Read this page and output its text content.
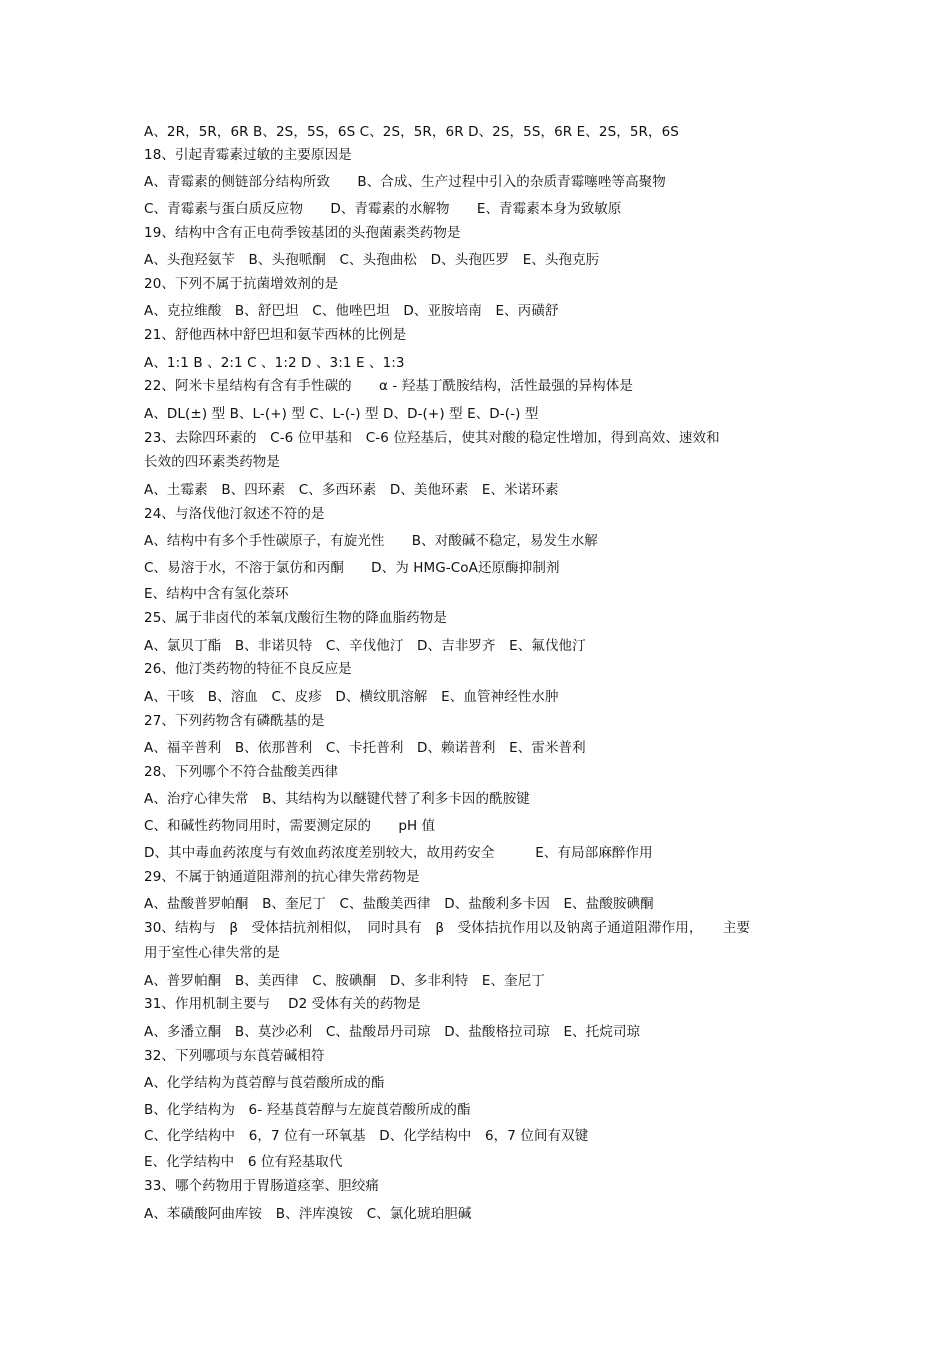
A、2R，5R，6R B、2S，5S，6S C、2S，5R，6R D、2S，5S，6R E、2S，5R，6S
18、引起青霉素过敏的主要原因是
A、青霉素的侧链部分结构所致　　B、合成、生产过程中引入的杂质青霉噻唑等高聚物
C、青霉素与蛋白质反应物　　D、青霉素的水解物　　E、青霉素本身为致敏原
19、结构中含有正电荷季铵基团的头孢菌素类药物是
A、头孢羟氨苄　B、头孢哌酮　C、头孢曲松　D、头孢匹罗　E、头孢克肟
20、下列不属于抗菌增效剂的是
A、克拉维酸　B、舒巴坦　C、他唑巴坦　D、亚胺培南　E、丙磺舒
21、舒他西林中舒巴坦和氨苄西林的比例是
A、1:1 B 、2:1 C 、1:2 D 、3:1 E 、1:3
22、阿米卡星结构有含有手性碳的　　α - 羟基丁酰胺结构，活性最强的异构体是
A、DL(±) 型 B、L-(+) 型 C、L-(-) 型 D、D-(+) 型 E、D-(-) 型
23、去除四环素的　C-6 位甲基和　C-6 位羟基后，使其对酸的稳定性增加，得到高效、速效和
长效的四环素类药物是
A、土霉素　B、四环素　C、多西环素　D、美他环素　E、米诺环素
24、与洛伐他汀叙述不符的是
A、结构中有多个手性碳原子，有旋光性　　B、对酸碱不稳定，易发生水解
C、易溶于水，不溶于氯仿和丙酮　　D、为 HMG-CoA还原酶抑制剂
E、结构中含有氢化萘环
25、属于非卤代的苯氧戊酸衍生物的降血脂药物是
A、氯贝丁酯　B、非诺贝特　C、辛伐他汀　D、吉非罗齐　E、氟伐他汀
26、他汀类药物的特征不良反应是
A、干咳　B、溶血　C、皮疹　D、横纹肌溶解　E、血管神经性水肿
27、下列药物含有磷酰基的是
A、福辛普利　B、依那普利　C、卡托普利　D、赖诺普利　E、雷米普利
28、下列哪个不符合盐酸美西律
A、治疗心律失常　B、其结构为以醚键代替了利多卡因的酰胺键
C、和碱性药物同用时，需要测定尿的　　pH 值
D、其中毒血药浓度与有效血药浓度差别较大，故用药安全　　　E、有局部麻醉作用
29、不属于钠通道阻滞剂的抗心律失常药物是
A、盐酸普罗帕酮　B、奎尼丁　C、盐酸美西律　D、盐酸利多卡因　E、盐酸胺碘酮
30、结构与　β　受体拮抗剂相似，　同时具有　β　受体拮抗作用以及钠离子通道阻滞作用，　　主要
用于室性心律失常的是
A、普罗帕酮　B、美西律　C、胺碘酮　D、多非利特　E、奎尼丁
31、作用机制主要与　 D2 受体有关的药物是
A、多潘立酮　B、莫沙必利　C、盐酸昂丹司琼　D、盐酸格拉司琼　E、托烷司琼
32、下列哪项与东莨菪碱相符
A、化学结构为莨菪醇与莨菪酸所成的酯
B、化学结构为　6- 羟基莨菪醇与左旋莨菪酸所成的酯
C、化学结构中　6，7 位有一环氧基　D、化学结构中　6，7 位间有双键
E、化学结构中　6 位有羟基取代
33、哪个药物用于胃肠道痉挛、胆绞痛
A、苯磺酸阿曲库铵　B、泮库溴铵　C、氯化琥珀胆碱
